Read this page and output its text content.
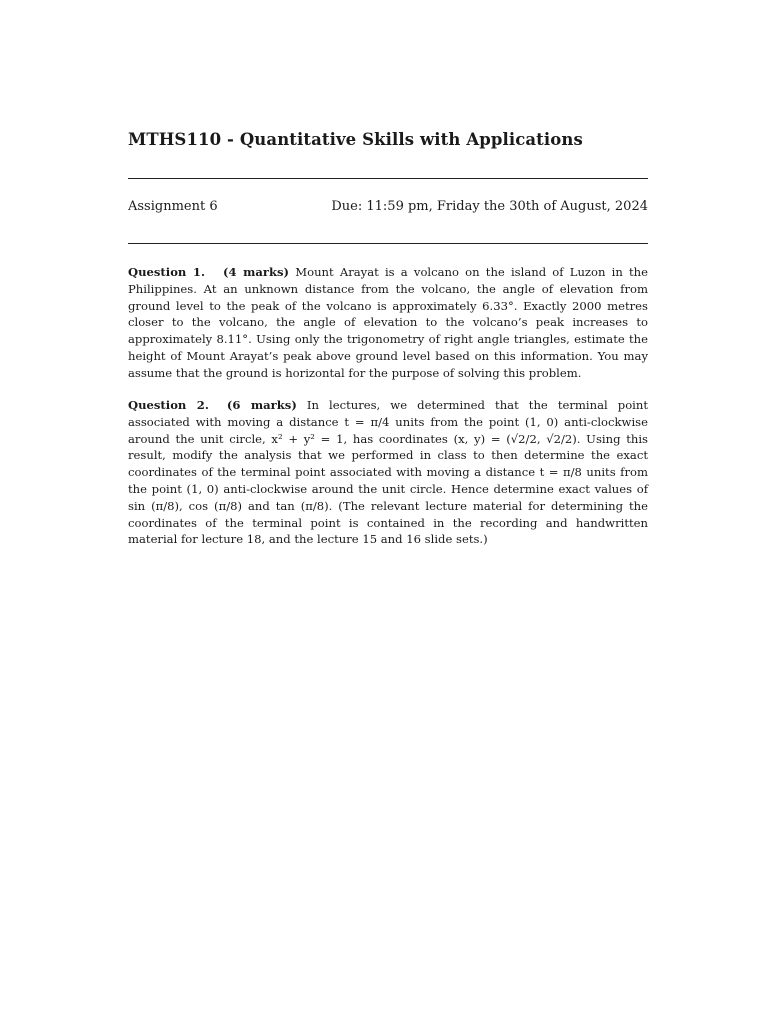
MTHS110 - Quantitative Skills with Applications
Assignment 6	Due: 11:59 pm, Friday the 30th of August, 2024
Question 1. (4 marks) Mount Arayat is a volcano on the island of Luzon in the Philippines. At an unknown distance from the volcano, the angle of elevation from ground level to the peak of the volcano is approximately 6.33°. Exactly 2000 metres closer to the volcano, the angle of elevation to the volcano’s peak increases to approximately 8.11°. Using only the trigonometry of right angle triangles, estimate the height of Mount Arayat’s peak above ground level based on this information. You may assume that the ground is horizontal for the purpose of solving this problem.
Question 2. (6 marks) In lectures, we determined that the terminal point associated with moving a distance t = π/4 units from the point (1, 0) anti-clockwise around the unit circle, x² + y² = 1, has coordinates (x, y) = (√2/2, √2/2). Using this result, modify the analysis that we performed in class to then determine the exact coordinates of the terminal point associated with moving a distance t = π/8 units from the point (1, 0) anti-clockwise around the unit circle. Hence determine exact values of sin (π/8), cos (π/8) and tan (π/8). (The relevant lecture material for determining the coordinates of the terminal point is contained in the recording and handwritten material for lecture 18, and the lecture 15 and 16 slide sets.)
